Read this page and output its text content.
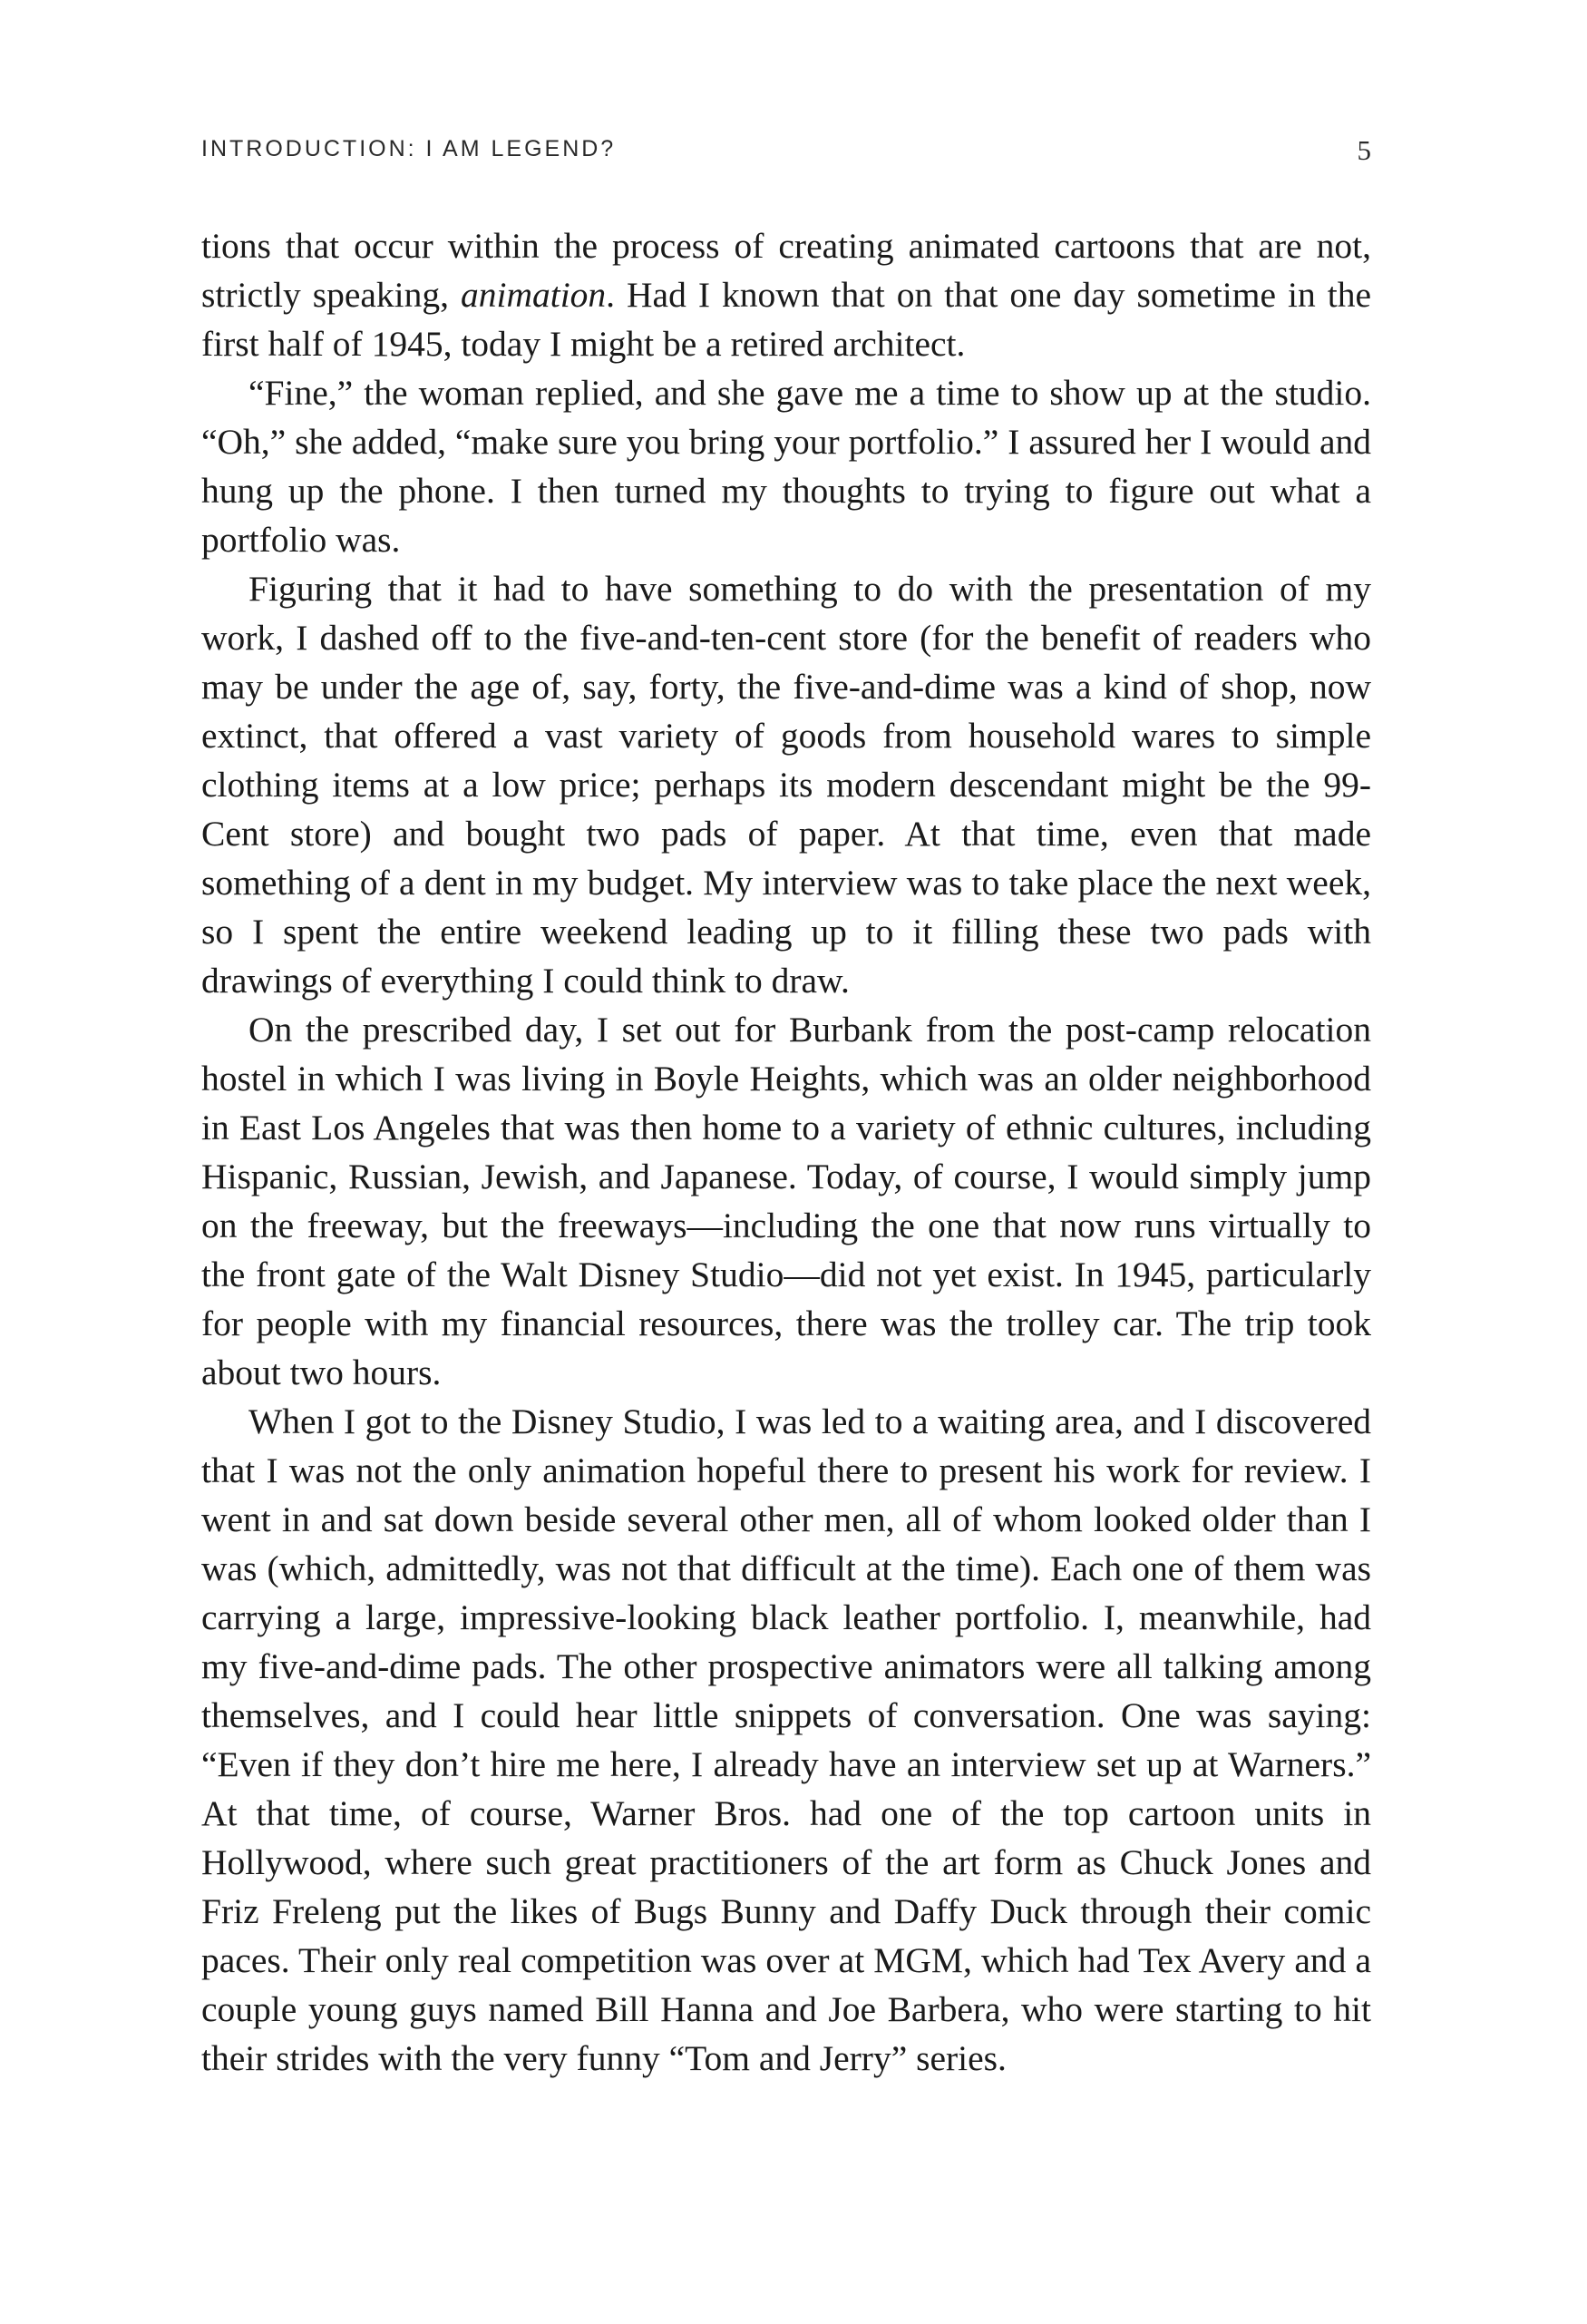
INTRODUCTION: I AM LEGEND?	5

tions that occur within the process of creating animated cartoons that are not, strictly speaking, animation. Had I known that on that one day sometime in the first half of 1945, today I might be a retired architect.

“Fine,” the woman replied, and she gave me a time to show up at the studio. “Oh,” she added, “make sure you bring your portfolio.” I assured her I would and hung up the phone. I then turned my thoughts to trying to figure out what a portfolio was.

Figuring that it had to have something to do with the presentation of my work, I dashed off to the five-and-ten-cent store (for the benefit of readers who may be under the age of, say, forty, the five-and-dime was a kind of shop, now extinct, that offered a vast variety of goods from household wares to simple clothing items at a low price; perhaps its modern descendant might be the 99-Cent store) and bought two pads of paper. At that time, even that made something of a dent in my budget. My interview was to take place the next week, so I spent the entire weekend leading up to it filling these two pads with drawings of everything I could think to draw.

On the prescribed day, I set out for Burbank from the post-camp relocation hostel in which I was living in Boyle Heights, which was an older neighborhood in East Los Angeles that was then home to a variety of ethnic cultures, including Hispanic, Russian, Jewish, and Japanese. Today, of course, I would simply jump on the freeway, but the freeways—including the one that now runs virtually to the front gate of the Walt Disney Studio—did not yet exist. In 1945, particularly for people with my financial resources, there was the trolley car. The trip took about two hours.

When I got to the Disney Studio, I was led to a waiting area, and I discovered that I was not the only animation hopeful there to present his work for review. I went in and sat down beside several other men, all of whom looked older than I was (which, admittedly, was not that difficult at the time). Each one of them was carrying a large, impressive-looking black leather portfolio. I, meanwhile, had my five-and-dime pads. The other prospective animators were all talking among themselves, and I could hear little snippets of conversation. One was saying: “Even if they don’t hire me here, I already have an interview set up at Warners.” At that time, of course, Warner Bros. had one of the top cartoon units in Hollywood, where such great practitioners of the art form as Chuck Jones and Friz Freleng put the likes of Bugs Bunny and Daffy Duck through their comic paces. Their only real competition was over at MGM, which had Tex Avery and a couple young guys named Bill Hanna and Joe Barbera, who were starting to hit their strides with the very funny “Tom and Jerry” series.
